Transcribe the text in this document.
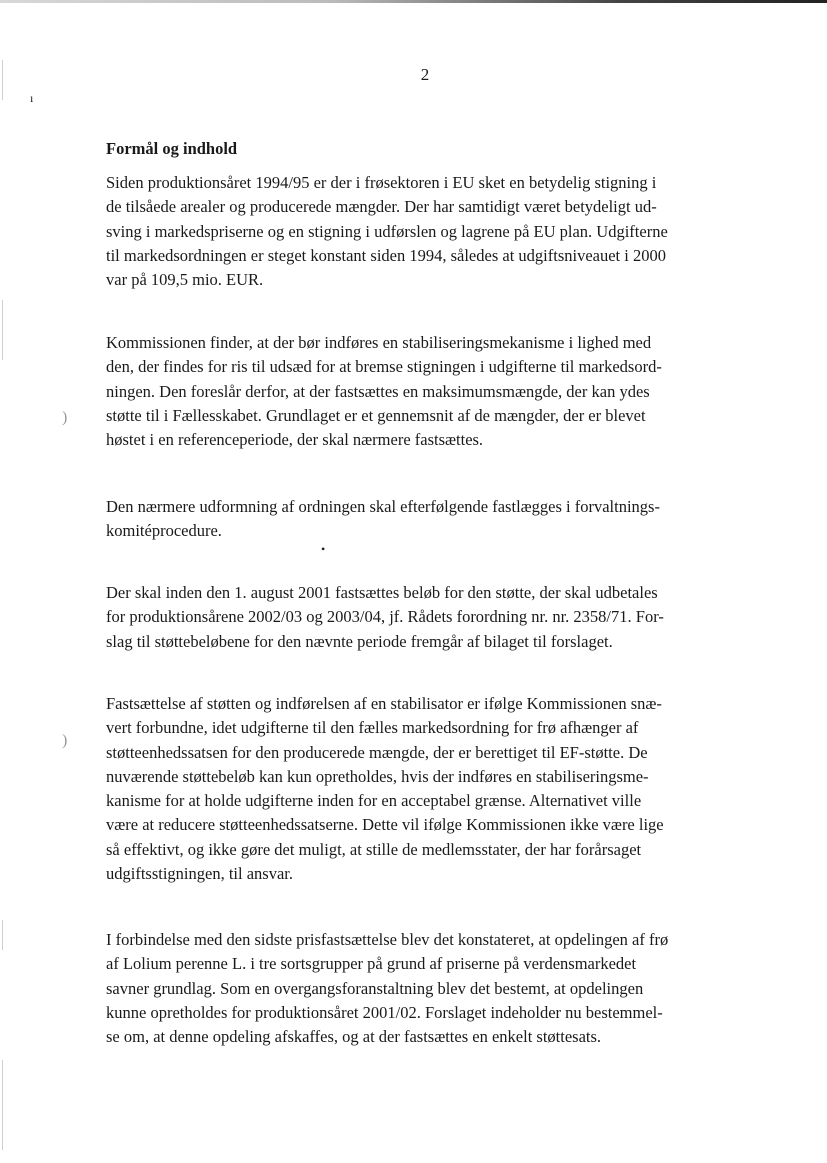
ı
)
)
•
2
Formål og indhold

Siden produktionsåret 1994/95 er der i frøsektoren i EU sket en betydelig stigning i
de tilsåede arealer og producerede mængder. Der har samtidigt været betydeligt ud-
sving i markedspriserne og en stigning i udførslen og lagrene på EU plan. Udgifterne
til markedsordningen er steget konstant siden 1994, således at udgiftsniveauet i 2000
var på 109,5 mio. EUR.

Kommissionen finder, at der bør indføres en stabiliseringsmekanisme i lighed med
den, der findes for ris til udsæd for at bremse stigningen i udgifterne til markedsord-
ningen. Den foreslår derfor, at der fastsættes en maksimumsmængde, der kan ydes
støtte til i Fællesskabet. Grundlaget er et gennemsnit af de mængder, der er blevet
høstet i en referenceperiode, der skal nærmere fastsættes.

Den nærmere udformning af ordningen skal efterfølgende fastlægges i forvaltnings-
komitéprocedure.

Der skal inden den 1. august 2001 fastsættes beløb for den støtte, der skal udbetales
for produktionsårene 2002/03 og 2003/04, jf. Rådets forordning nr. nr. 2358/71. For-
slag til støttebeløbene for den nævnte periode fremgår af bilaget til forslaget.

Fastsættelse af støtten og indførelsen af en stabilisator er ifølge Kommissionen snæ-
vert forbundne, idet udgifterne til den fælles markedsordning for frø afhænger af
støtteenhedssatsen for den producerede mængde, der er berettiget til EF-støtte. De
nuværende støttebeløb kan kun opretholdes, hvis der indføres en stabiliseringsme-
kanisme for at holde udgifterne inden for en acceptabel grænse. Alternativet ville
være at reducere støtteenhedssatserne. Dette vil ifølge Kommissionen ikke være lige
så effektivt, og ikke gøre det muligt, at stille de medlemsstater, der har forårsaget
udgiftsstigningen, til ansvar.

I forbindelse med den sidste prisfastsættelse blev det konstateret, at opdelingen af frø
af Lolium perenne L. i tre sortsgrupper på grund af priserne på verdensmarkedet
savner grundlag. Som en overgangsforanstaltning blev det bestemt, at opdelingen
kunne opretholdes for produktionsåret 2001/02. Forslaget indeholder nu bestemmel-
se om, at denne opdeling afskaffes, og at der fastsættes en enkelt støttesats.
